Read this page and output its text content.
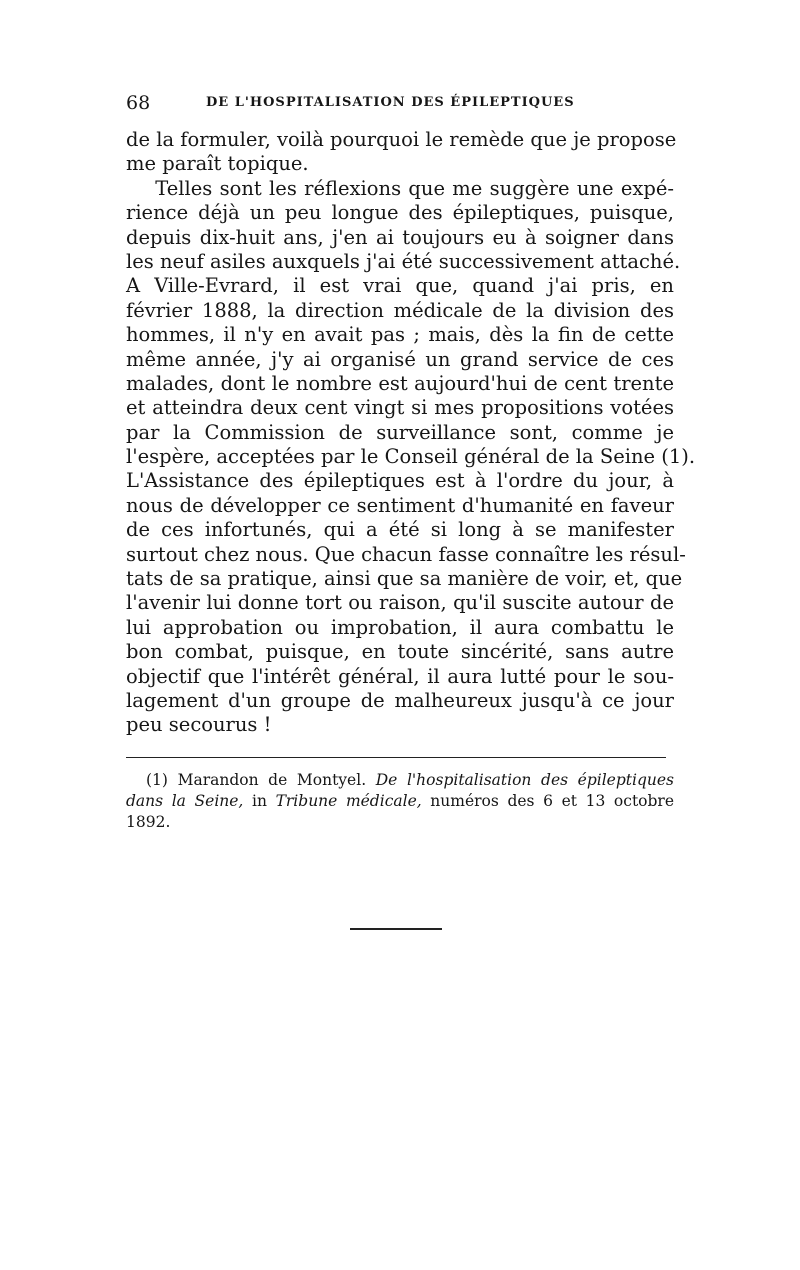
68	DE L'HOSPITALISATION DES ÉPILEPTIQUES
de la formuler, voilà pourquoi le remède que je propose
me paraît topique.
Telles sont les réflexions que me suggère une expé-
rience déjà un peu longue des épileptiques, puisque,
depuis dix-huit ans, j'en ai toujours eu à soigner dans
les neuf asiles auxquels j'ai été successivement attaché.
A Ville-Evrard, il est vrai que, quand j'ai pris, en
février 1888, la direction médicale de la division des
hommes, il n'y en avait pas ; mais, dès la fin de cette
même année, j'y ai organisé un grand service de ces
malades, dont le nombre est aujourd'hui de cent trente
et atteindra deux cent vingt si mes propositions votées
par la Commission de surveillance sont, comme je
l'espère, acceptées par le Conseil général de la Seine (1).
L'Assistance des épileptiques est à l'ordre du jour, à
nous de développer ce sentiment d'humanité en faveur
de ces infortunés, qui a été si long à se manifester
surtout chez nous. Que chacun fasse connaître les résul-
tats de sa pratique, ainsi que sa manière de voir, et, que
l'avenir lui donne tort ou raison, qu'il suscite autour de
lui approbation ou improbation, il aura combattu le
bon combat, puisque, en toute sincérité, sans autre
objectif que l'intérêt général, il aura lutté pour le sou-
lagement d'un groupe de malheureux jusqu'à ce jour
peu secourus !
(1) Marandon de Montyel. De l'hospitalisation des épileptiques
dans la Seine, in Tribune médicale, numéros des 6 et 13 octobre
1892.
